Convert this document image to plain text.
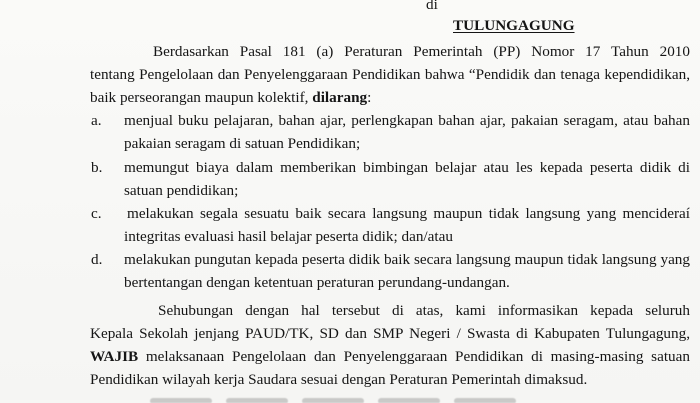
di
TULUNGAGUNG
Berdasarkan Pasal 181 (a) Peraturan Pemerintah (PP) Nomor 17 Tahun 2010
tentang Pengelolaan dan Penyelenggaraan Pendidikan bahwa “Pendidik dan tenaga kependidikan,
baik perseorangan maupun kolektif, dilarang:
a. menjual buku pelajaran, bahan ajar, perlengkapan bahan ajar, pakaian seragam, atau bahan
pakaian seragam di satuan Pendidikan;
b. memungut biaya dalam memberikan bimbingan belajar atau les kepada peserta didik di
satuan pendidikan;
c. melakukan segala sesuatu baik secara langsung maupun tidak langsung yang mencideraí
integritas evaluasi hasil belajar peserta didik; dan/atau
d. melakukan pungutan kepada peserta didik baik secara langsung maupun tidak langsung yang
bertentangan dengan ketentuan peraturan perundang-undangan.
Sehubungan dengan hal tersebut di atas, kami informasikan kepada seluruh
Kepala Sekolah jenjang PAUD/TK, SD dan SMP Negeri / Swasta di Kabupaten Tulungagung,
WAJIB melaksanaan Pengelolaan dan Penyelenggaraan Pendidikan di masing-masing satuan
Pendidikan wilayah kerja Saudara sesuai dengan Peraturan Pemerintah dimaksud.
